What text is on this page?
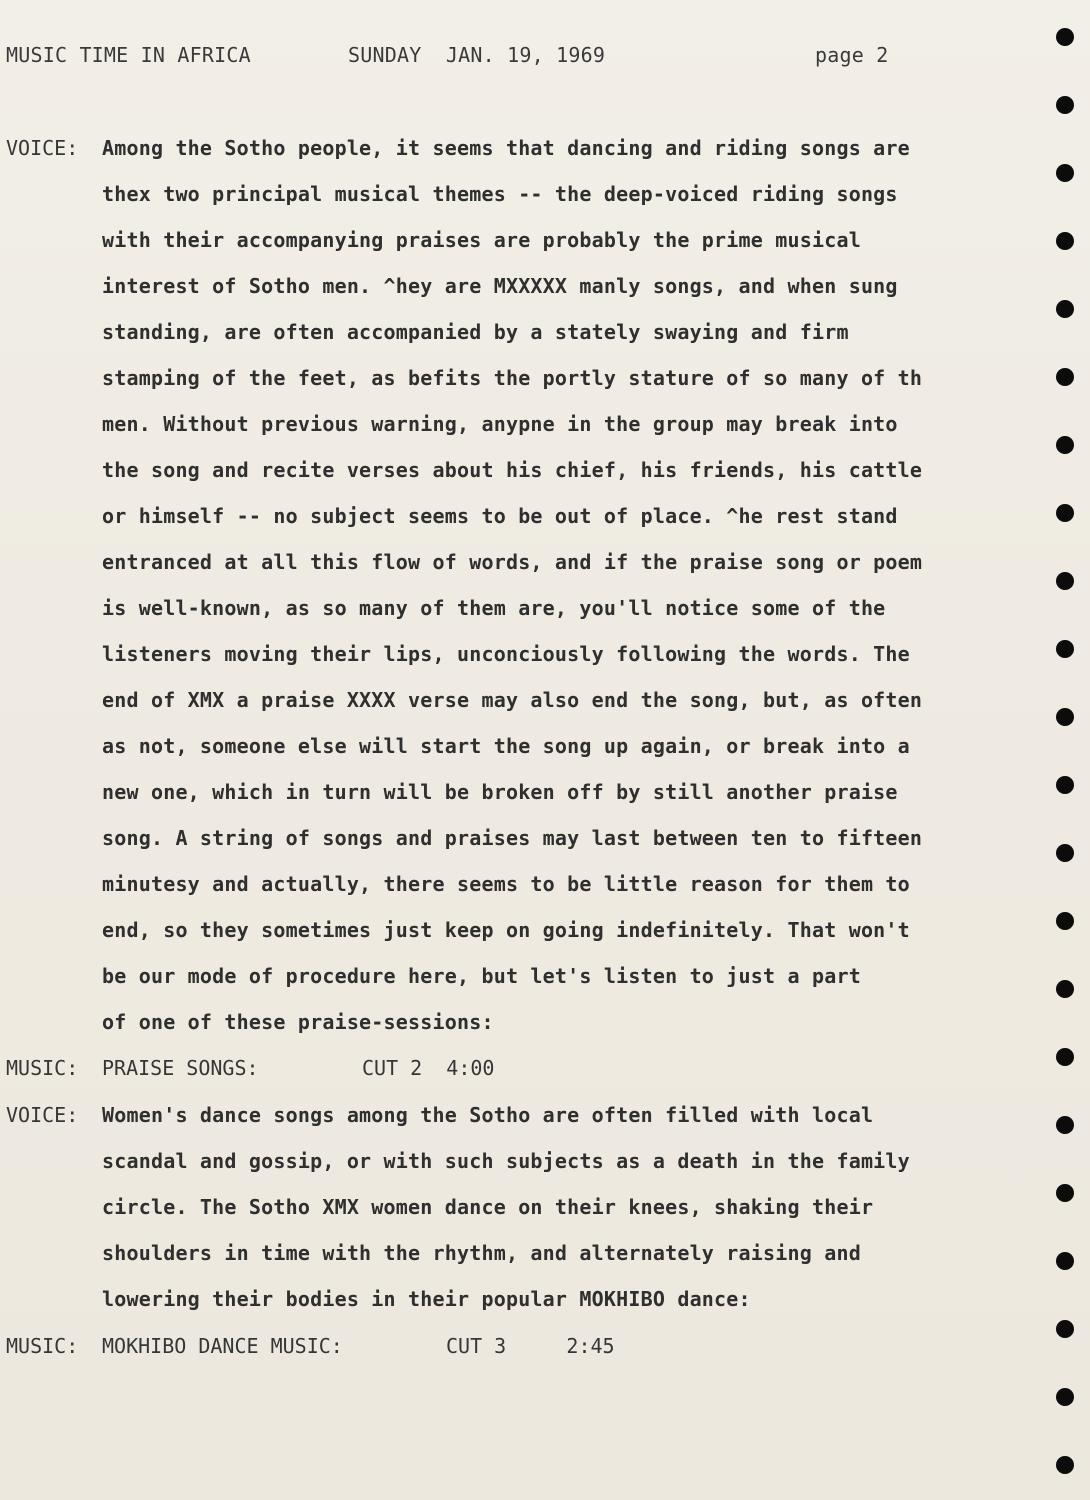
MUSIC TIME IN AFRICA	SUNDAY  JAN. 19, 1969	page 2
VOICE: Among the Sotho people, it seems that dancing and riding songs are
thex two principal musical themes -- the deep-voiced riding songs
with their accompanying praises are probably the prime musical
interest of Sotho men. ^hey are MXXXXX manly songs, and when sung
standing, are often accompanied by a stately swaying and firm
stamping of the feet, as befits the portly stature of so many of th
men. Without previous warning, anypne in the group may break into
the song and recite verses about his chief, his friends, his cattle
or himself -- no subject seems to be out of place. ^he rest stand
entranced at all this flow of words, and if the praise song or poem
is well-known, as so many of them are, you'll notice some of the
listeners moving their lips, unconciously following the words. The
end of XMX a praise XXXX verse may also end the song, but, as often
as not, someone else will start the song up again, or break into a
new one, which in turn will be broken off by still another praise
song. A string of songs and praises may last between ten to fifteen
minutesy and actually, there seems to be little reason for them to
end, so they sometimes just keep on going indefinitely. That won't
be our mode of procedure here, but let's listen to just a part
of one of these praise-sessions:
MUSIC: PRAISE SONGS:	CUT 2  4:00
VOICE: Women's dance songs among the Sotho are often filled with local
scandal and gossip, or with such subjects as a death in the family
circle. The Sotho XMX women dance on their knees, shaking their
shoulders in time with the rhythm, and alternately raising and
lowering their bodies in their popular MOKHIBO dance:
MUSIC: MOKHIBO DANCE MUSIC:	CUT 3     2:45
